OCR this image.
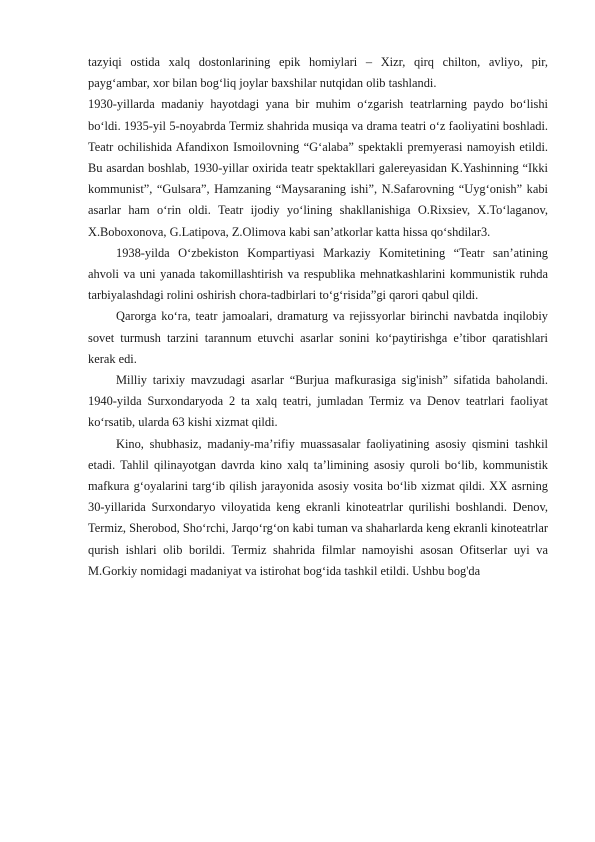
tazyiqi ostida xalq dostonlarining epik homiylari – Xizr, qirq chilton, avliyo, pir, payg‘ambar, xor bilan bog‘liq joylar baxshilar nutqidan olib tashlandi.

1930-yillarda madaniy hayotdagi yana bir muhim o‘zgarish teatrlarning paydo bo‘lishi bo‘ldi. 1935-yil 5-noyabrda Termiz shahrida musiqa va drama teatri o‘z faoliyatini boshladi. Teatr ochilishida Afandixon Ismoilovning “G‘alaba” spektakli premyerasi namoyish etildi. Bu asardan boshlab, 1930-yillar oxirida teatr spektakllari galereyasidan K.Yashinning “Ikki kommunist”, “Gulsara”, Hamzaning “Maysaraning ishi”, N.Safarovning “Uyg‘onish” kabi asarlar ham o‘rin oldi. Teatr ijodiy yo‘lining shakllanishiga O.Rixsiev, X.To‘laganov, X.Boboxonova, G.Latipova, Z.Olimova kabi san’atkorlar katta hissa qo‘shdilar3.

1938-yilda O‘zbekiston Kompartiyasi Markaziy Komitetining “Teatr san’atining ahvoli va uni yanada takomillashtirish va respublika mehnatkashlarini kommunistik ruhda tarbiyalashdagi rolini oshirish chora-tadbirlari to‘g‘risida”gi qarori qabul qildi.

Qarorga ko‘ra, teatr jamoalari, dramaturg va rejissyorlar birinchi navbatda inqilobiy sovet turmush tarzini tarannum etuvchi asarlar sonini ko‘paytirishga e’tibor qaratishlari kerak edi.

Milliy tarixiy mavzudagi asarlar “Burjua mafkurasiga sig'inish” sifatida baholandi. 1940-yilda Surxondaryoda 2 ta xalq teatri, jumladan Termiz va Denov teatrlari faoliyat ko‘rsatib, ularda 63 kishi xizmat qildi.

Kino, shubhasiz, madaniy-ma’rifiy muassasalar faoliyatining asosiy qismini tashkil etadi. Tahlil qilinayotgan davrda kino xalq ta’limining asosiy quroli bo‘lib, kommunistik mafkura g‘oyalarini targ‘ib qilish jarayonida asosiy vosita bo‘lib xizmat qildi. XX asrning 30-yillarida Surxondaryo viloyatida keng ekranli kinoteatrlar qurilishi boshlandi. Denov, Termiz, Sherobod, Sho‘rchi, Jarqo‘rg‘on kabi tuman va shaharlarda keng ekranli kinoteatrlar qurish ishlari olib borildi. Termiz shahrida filmlar namoyishi asosan Ofitserlar uyi va M.Gorkiy nomidagi madaniyat va istirohat bog‘ida tashkil etildi. Ushbu bog'da
